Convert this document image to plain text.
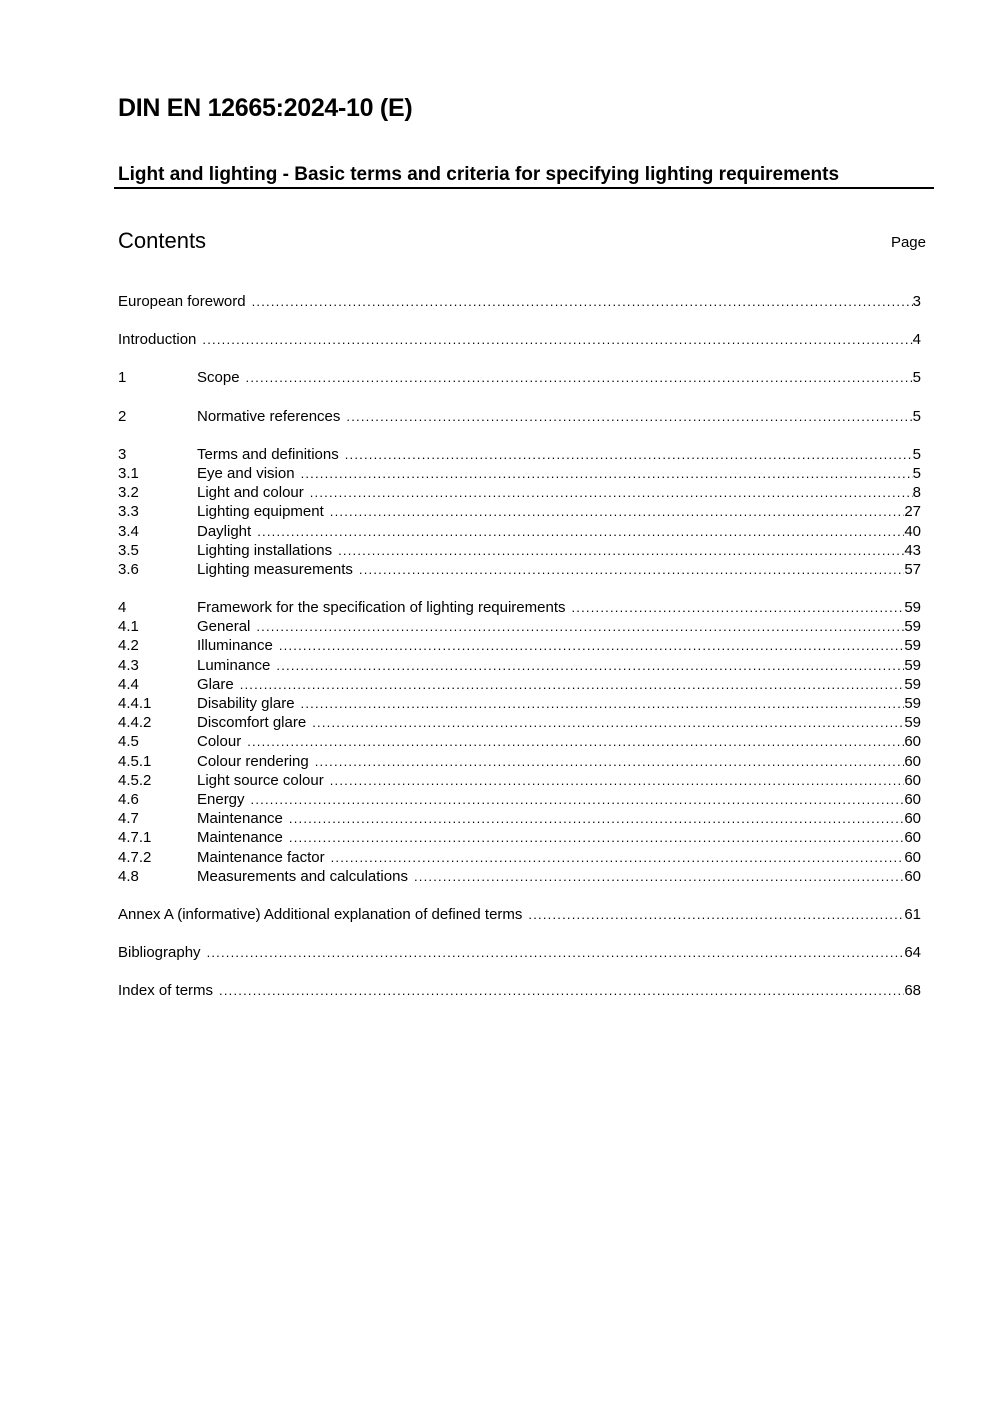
DIN EN 12665:2024-10 (E)
Light and lighting - Basic terms and criteria for specifying lighting requirements
Contents	Page
European foreword .....	3
Introduction .....	4
1	Scope .....	5
2	Normative references .....	5
3	Terms and definitions .....	5
3.1	Eye and vision .....	5
3.2	Light and colour .....	8
3.3	Lighting equipment .....	27
3.4	Daylight .....	40
3.5	Lighting installations .....	43
3.6	Lighting measurements .....	57
4	Framework for the specification of lighting requirements .....	59
4.1	General .....	59
4.2	Illuminance .....	59
4.3	Luminance .....	59
4.4	Glare .....	59
4.4.1	Disability glare .....	59
4.4.2	Discomfort glare .....	59
4.5	Colour .....	60
4.5.1	Colour rendering .....	60
4.5.2	Light source colour .....	60
4.6	Energy .....	60
4.7	Maintenance .....	60
4.7.1	Maintenance .....	60
4.7.2	Maintenance factor .....	60
4.8	Measurements and calculations .....	60
Annex A (informative) Additional explanation of defined terms .....	61
Bibliography .....	64
Index of terms .....	68
